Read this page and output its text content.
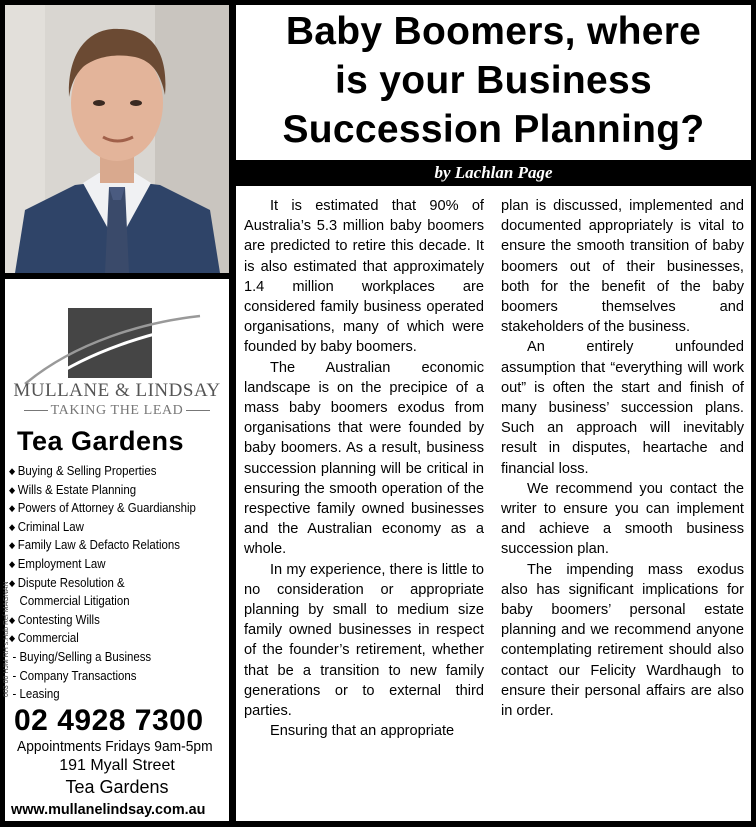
MULLANE & LINDSAY
TAKING THE LEAD
Tea Gardens
◆ Buying & Selling Properties
◆ Wills & Estate Planning
◆ Powers of Attorney & Guardianship
◆ Criminal Law
◆ Family Law & Defacto Relations
◆ Employment Law
◆ Dispute Resolution &
Commercial Litigation
◆ Contesting Wills
◆ Commercial
- Buying/Selling a Business
- Company Transactions
- Leasing
003 00 HJM RH s.Hub Ref MAGNAN
02 4928 7300
Appointments Fridays 9am-5pm
191 Myall Street
Tea Gardens
www.mullanelindsay.com.au
Baby Boomers, where
is your Business
Succession Planning?
by Lachlan Page

It is estimated that 90% of Australia’s 5.3 million baby boomers are predicted to retire this decade. It is also estimated that approximately 1.4 million workplaces are considered family business operated organisations, many of which were founded by baby boomers.

The Australian economic landscape is on the precipice of a mass baby boomers exodus from organisations that were founded by baby boomers. As a result, business succession planning will be critical in ensuring the smooth operation of the respective family owned businesses and the Australian economy as a whole.

In my experience, there is little to no consideration or appropriate planning by small to medium size family owned businesses in respect of the founder’s retirement, whether that be a transition to new family generations or to external third parties.

Ensuring that an appropriate

plan is discussed, implemented and documented appropriately is vital to ensure the smooth transition of baby boomers out of their businesses, both for the benefit of the baby boomers themselves and stakeholders of the business.

An entirely unfounded assumption that “everything will work out” is often the start and finish of many business’ succession plans. Such an approach will inevitably result in disputes, heartache and financial loss.

We recommend you contact the writer to ensure you can implement and achieve a smooth business succession plan.

The impending mass exodus also has significant implications for baby boomers’ personal estate planning and we recommend anyone contemplating retirement should also contact our Felicity Wardhaugh to ensure their personal affairs are also in order.
